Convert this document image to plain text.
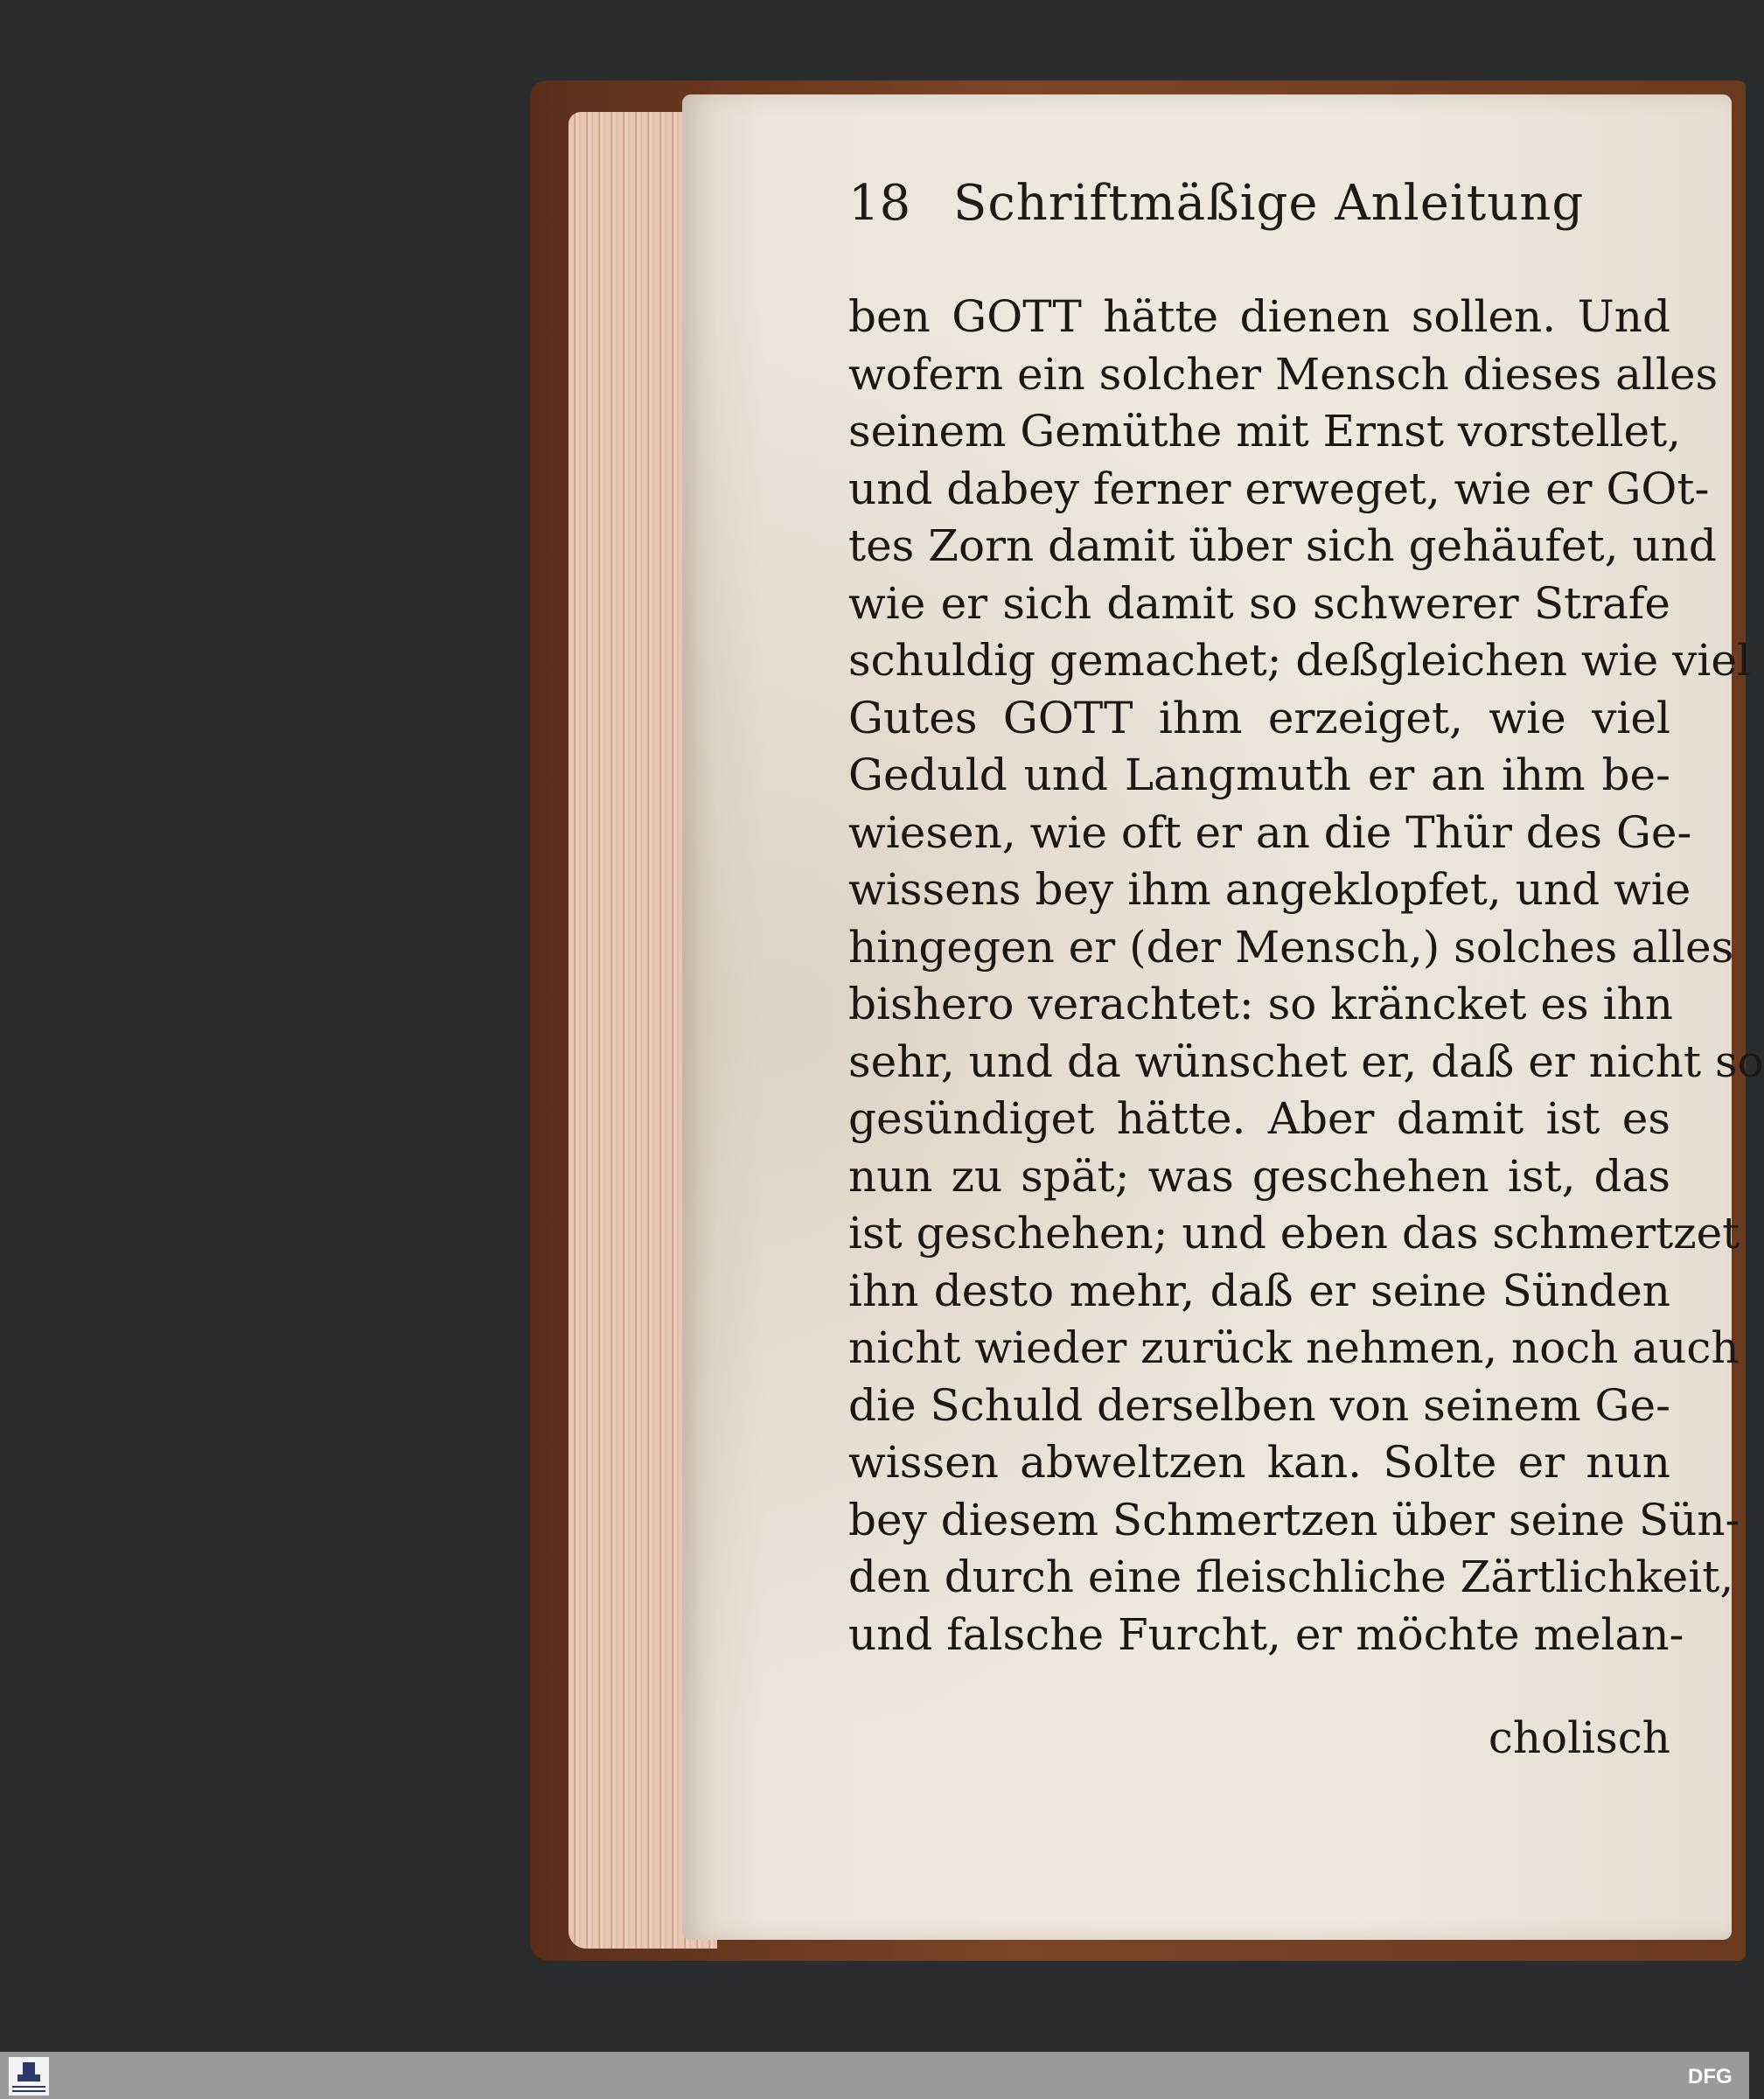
18 Schriftmäßige Anleitung
ben GOTT hätte dienen sollen. Und
wofern ein solcher Mensch dieses alles
seinem Gemüthe mit Ernst vorstellet,
und dabey ferner erweget, wie er GOt-
tes Zorn damit über sich gehäufet, und
wie er sich damit so schwerer Strafe
schuldig gemachet; deßgleichen wie viel
Gutes GOTT ihm erzeiget, wie viel
Geduld und Langmuth er an ihm be-
wiesen, wie oft er an die Thür des Ge-
wissens bey ihm angeklopfet, und wie
hingegen er (der Mensch,) solches alles
bishero verachtet: so kräncket es ihn
sehr, und da wünschet er, daß er nicht so
gesündiget hätte. Aber damit ist es
nun zu spät; was geschehen ist, das
ist geschehen; und eben das schmertzet
ihn desto mehr, daß er seine Sünden
nicht wieder zurück nehmen, noch auch
die Schuld derselben von seinem Ge-
wissen abweltzen kan. Solte er nun
bey diesem Schmertzen über seine Sün-
den durch eine fleischliche Zärtlichkeit,
und falsche Furcht, er möchte melan-
cholisch
DFG
